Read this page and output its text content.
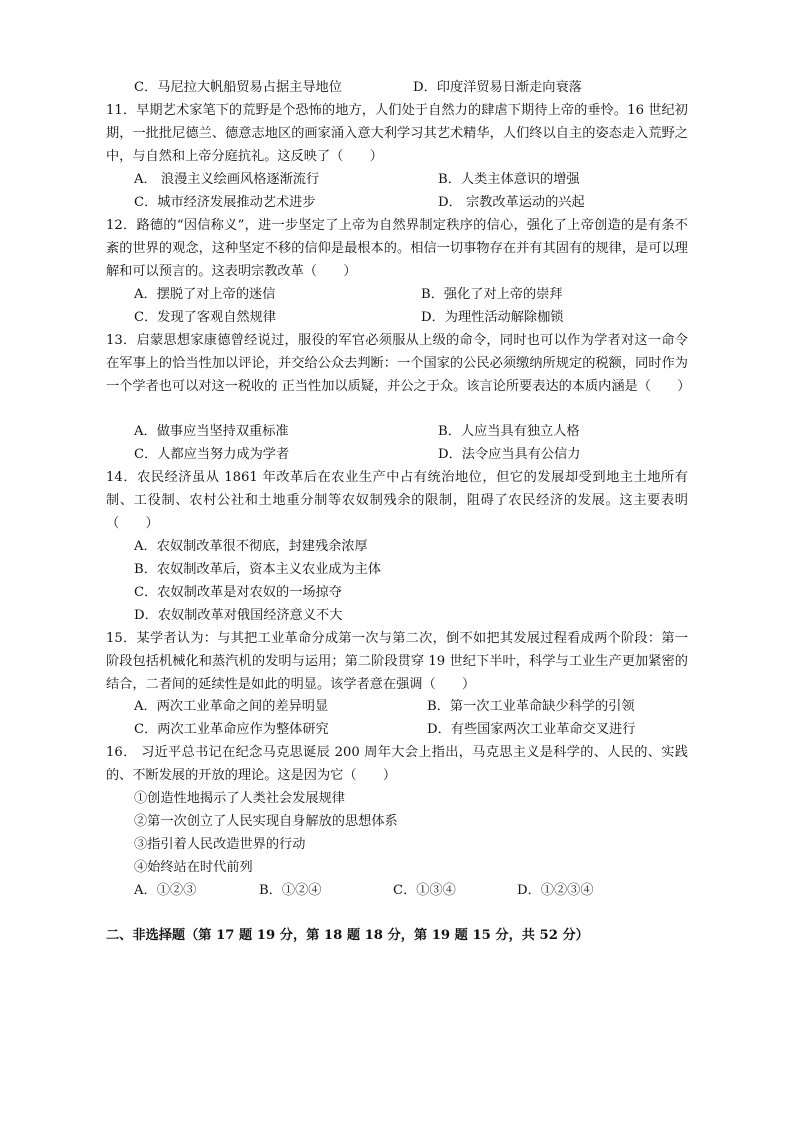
C．马尼拉大帆船贸易占据主导地位	D．印度洋贸易日渐走向衰落
11．早期艺术家笔下的荒野是个恐怖的地方，人们处于自然力的肆虐下期待上帝的垂怜。16 世纪初期，一批批尼德兰、德意志地区的画家涌入意大利学习其艺术精华，人们终以自主的姿态走入荒野之中，与自然和上帝分庭抗礼。这反映了（　　）
A． 浪漫主义绘画风格逐渐流行	B．人类主体意识的增强
C．城市经济发展推动艺术进步	D． 宗教改革运动的兴起
12．路德的“因信称义”，进一步坚定了上帝为自然界制定秩序的信心，强化了上帝创造的是有条不紊的世界的观念，这种坚定不移的信仰是最根本的。相信一切事物存在并有其固有的规律，是可以理解和可以预言的。这表明宗教改革（　　）
A．摆脱了对上帝的迷信	B．强化了对上帝的崇拜
C．发现了客观自然规律	D．为理性活动解除枷锁
13．启蒙思想家康德曾经说过，服役的军官必须服从上级的命令，同时也可以作为学者对这一命令在军事上的恰当性加以评论，并交给公众去判断：一个国家的公民必须缴纳所规定的税额，同时作为一个学者也可以对这一税收的 正当性加以质疑，并公之于众。该言论所要表达的本质内涵是（　　）
A．做事应当坚持双重标准	B．人应当具有独立人格
C．人都应当努力成为学者	D．法令应当具有公信力
14．农民经济虽从 1861 年改革后在农业生产中占有统治地位，但它的发展却受到地主土地所有制、工役制、农村公社和土地重分制等农奴制残余的限制，阻碍了农民经济的发展。这主要表明（　　）
A．农奴制改革很不彻底，封建残余浓厚
B．农奴制改革后，资本主义农业成为主体
C．农奴制改革是对农奴的一场掠夺
D．农奴制改革对俄国经济意义不大
15．某学者认为：与其把工业革命分成第一次与第二次，倒不如把其发展过程看成两个阶段：第一阶段包括机械化和蒸汽机的发明与运用；第二阶段贯穿 19 世纪下半叶，科学与工业生产更加紧密的结合，二者间的延续性是如此的明显。该学者意在强调（　　）
A．两次工业革命之间的差异明显	B．第一次工业革命缺少科学的引领
C．两次工业革命应作为整体研究	D．有些国家两次工业革命交叉进行
16． 习近平总书记在纪念马克思诞辰 200 周年大会上指出，马克思主义是科学的、人民的、实践的、不断发展的开放的理论。这是因为它（　　）
①创造性地揭示了人类社会发展规律
②第一次创立了人民实现自身解放的思想体系
③指引着人民改造世界的行动
④始终站在时代前列
A．①②③	B．①②④	C．①③④	D．①②③④
二、非选择题（第 17 题 19 分，第 18 题 18 分，第 19 题 15 分，共 52 分）
